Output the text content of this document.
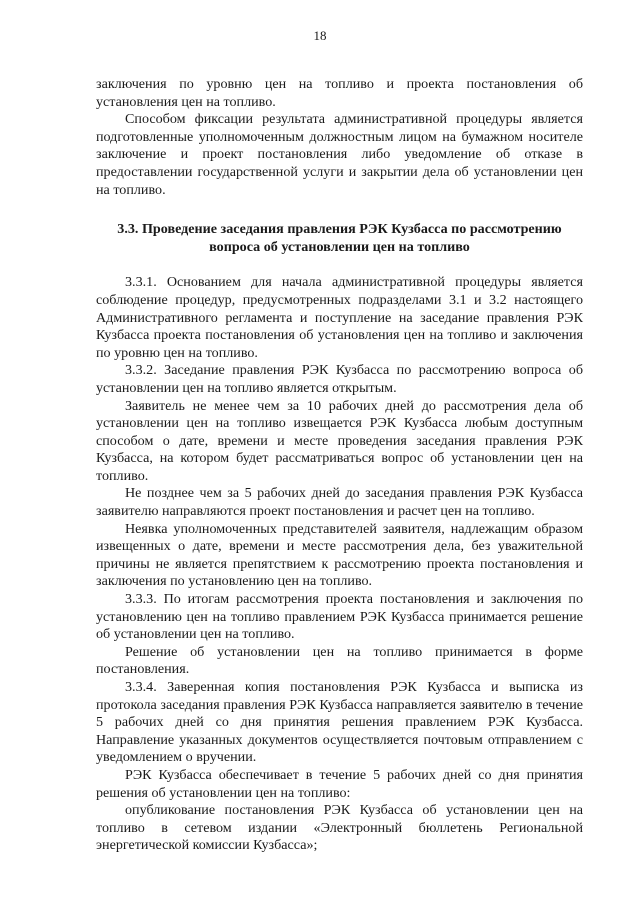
18

заключения по уровню цен на топливо и проекта постановления об установления цен на топливо.

Способом фиксации результата административной процедуры является подготовленные уполномоченным должностным лицом на бумажном носителе заключение и проект постановления либо уведомление об отказе в предоставлении государственной услуги и закрытии дела об установлении цен на топливо.

3.3. Проведение заседания правления РЭК Кузбасса по рассмотрению вопроса об установлении цен на топливо

3.3.1. Основанием для начала административной процедуры является соблюдение процедур, предусмотренных подразделами 3.1 и 3.2 настоящего Административного регламента и поступление на заседание правления РЭК Кузбасса проекта постановления об установления цен на топливо и заключения по уровню цен на топливо.

3.3.2. Заседание правления РЭК Кузбасса по рассмотрению вопроса об установлении цен на топливо является открытым.

Заявитель не менее чем за 10 рабочих дней до рассмотрения дела об установлении цен на топливо извещается РЭК Кузбасса любым доступным способом о дате, времени и месте проведения заседания правления РЭК Кузбасса, на котором будет рассматриваться вопрос об установлении цен на топливо.

Не позднее чем за 5 рабочих дней до заседания правления РЭК Кузбасса заявителю направляются проект постановления и расчет цен на топливо.

Неявка уполномоченных представителей заявителя, надлежащим образом извещенных о дате, времени и месте рассмотрения дела, без уважительной причины не является препятствием к рассмотрению проекта постановления и заключения по установлению цен на топливо.

3.3.3. По итогам рассмотрения проекта постановления и заключения по установлению цен на топливо правлением РЭК Кузбасса принимается решение об установлении цен на топливо.

Решение об установлении цен на топливо принимается в форме постановления.

3.3.4. Заверенная копия постановления РЭК Кузбасса и выписка из протокола заседания правления РЭК Кузбасса направляется заявителю в течение 5 рабочих дней со дня принятия решения правлением РЭК Кузбасса. Направление указанных документов осуществляется почтовым отправлением с уведомлением о вручении.

РЭК Кузбасса обеспечивает в течение 5 рабочих дней со дня принятия решения об установлении цен на топливо:

опубликование постановления РЭК Кузбасса об установлении цен на топливо в сетевом издании «Электронный бюллетень Региональной энергетической комиссии Кузбасса»;
